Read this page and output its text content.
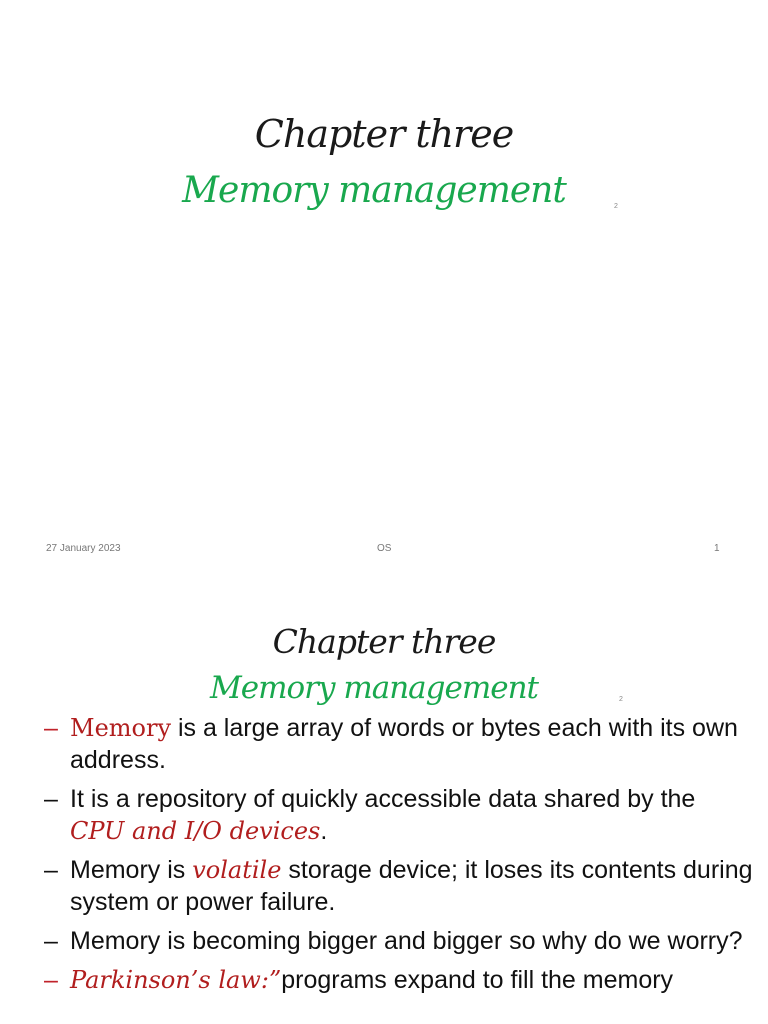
Chapter three
Memory management	2
27 January 2023	OS	1
Chapter three
Memory management	2
– Memory is a large array of words or bytes each with its own address.
– It is a repository of quickly accessible data shared by the CPU and I/O devices.
– Memory is volatile storage device; it loses its contents during system or power failure.
– Memory is becoming bigger and bigger so why do we worry?
– Parkinson’s law:”programs expand to fill the memory
